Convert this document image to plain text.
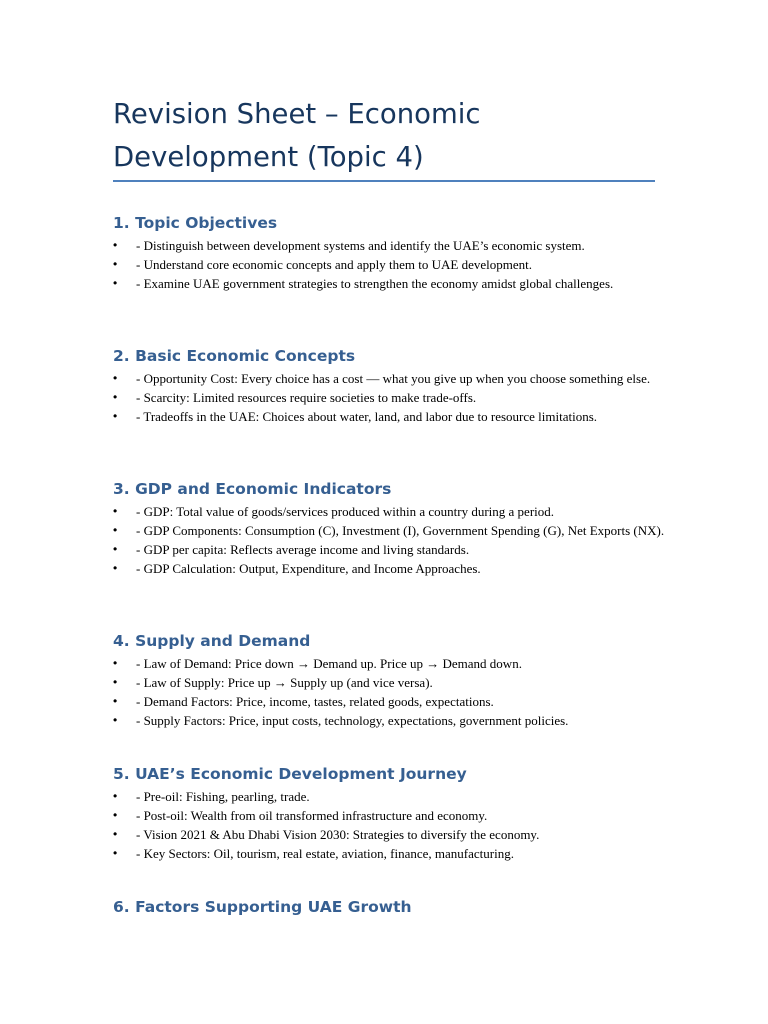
Revision Sheet – Economic Development (Topic 4)
1. Topic Objectives
•	- Distinguish between development systems and identify the UAE’s economic system.
•	- Understand core economic concepts and apply them to UAE development.
•	- Examine UAE government strategies to strengthen the economy amidst global challenges.
2. Basic Economic Concepts
•	- Opportunity Cost: Every choice has a cost — what you give up when you choose something else.
•	- Scarcity: Limited resources require societies to make trade-offs.
•	- Tradeoffs in the UAE: Choices about water, land, and labor due to resource limitations.
3. GDP and Economic Indicators
•	- GDP: Total value of goods/services produced within a country during a period.
•	- GDP Components: Consumption (C), Investment (I), Government Spending (G), Net Exports (NX).
•	- GDP per capita: Reflects average income and living standards.
•	- GDP Calculation: Output, Expenditure, and Income Approaches.
4. Supply and Demand
•	- Law of Demand: Price down → Demand up. Price up → Demand down.
•	- Law of Supply: Price up → Supply up (and vice versa).
•	- Demand Factors: Price, income, tastes, related goods, expectations.
•	- Supply Factors: Price, input costs, technology, expectations, government policies.
5. UAE’s Economic Development Journey
•	- Pre-oil: Fishing, pearling, trade.
•	- Post-oil: Wealth from oil transformed infrastructure and economy.
•	- Vision 2021 & Abu Dhabi Vision 2030: Strategies to diversify the economy.
•	- Key Sectors: Oil, tourism, real estate, aviation, finance, manufacturing.
6. Factors Supporting UAE Growth
